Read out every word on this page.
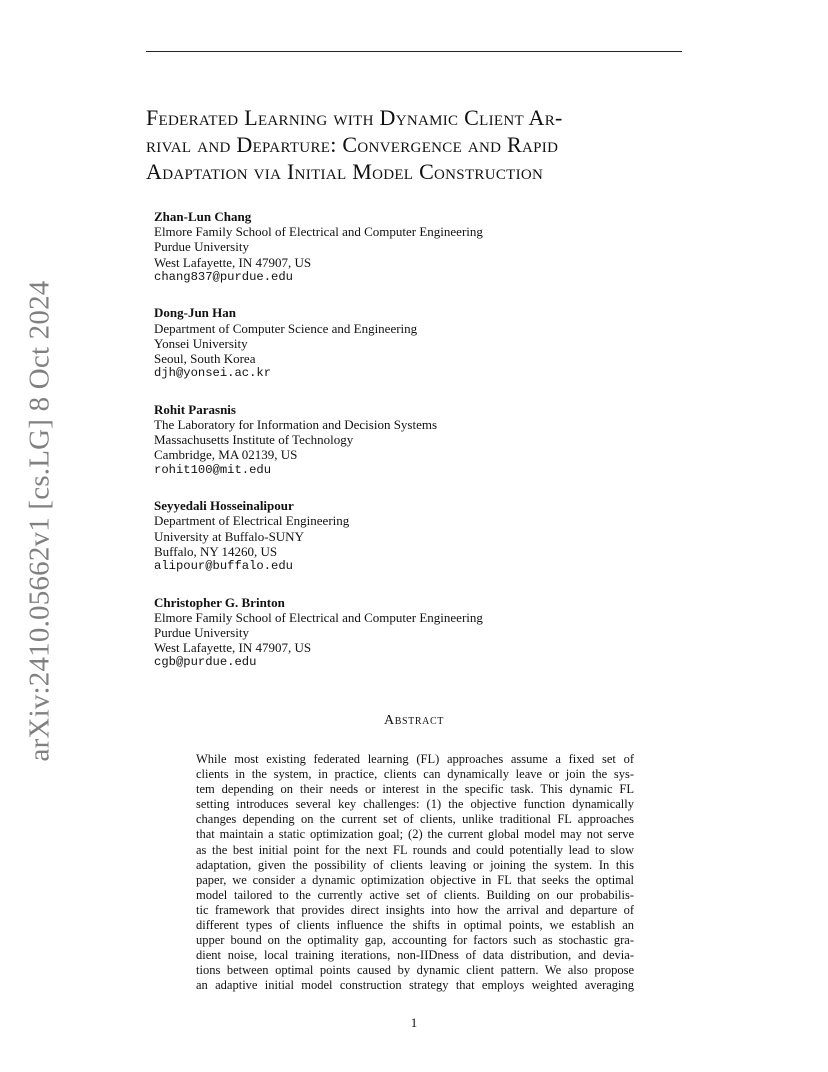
arXiv:2410.05662v1 [cs.LG] 8 Oct 2024
Federated Learning with Dynamic Client Ar-
rival and Departure: Convergence and Rapid
Adaptation via Initial Model Construction
Zhan-Lun Chang
Elmore Family School of Electrical and Computer Engineering
Purdue University
West Lafayette, IN 47907, US
chang837@purdue.edu
Dong-Jun Han
Department of Computer Science and Engineering
Yonsei University
Seoul, South Korea
djh@yonsei.ac.kr
Rohit Parasnis
The Laboratory for Information and Decision Systems
Massachusetts Institute of Technology
Cambridge, MA 02139, US
rohit100@mit.edu
Seyyedali Hosseinalipour
Department of Electrical Engineering
University at Buffalo-SUNY
Buffalo, NY 14260, US
alipour@buffalo.edu
Christopher G. Brinton
Elmore Family School of Electrical and Computer Engineering
Purdue University
West Lafayette, IN 47907, US
cgb@purdue.edu
Abstract

While most existing federated learning (FL) approaches assume a fixed set of
clients in the system, in practice, clients can dynamically leave or join the sys-
tem depending on their needs or interest in the specific task. This dynamic FL
setting introduces several key challenges: (1) the objective function dynamically
changes depending on the current set of clients, unlike traditional FL approaches
that maintain a static optimization goal; (2) the current global model may not serve
as the best initial point for the next FL rounds and could potentially lead to slow
adaptation, given the possibility of clients leaving or joining the system. In this
paper, we consider a dynamic optimization objective in FL that seeks the optimal
model tailored to the currently active set of clients. Building on our probabilis-
tic framework that provides direct insights into how the arrival and departure of
different types of clients influence the shifts in optimal points, we establish an
upper bound on the optimality gap, accounting for factors such as stochastic gra-
dient noise, local training iterations, non-IIDness of data distribution, and devia-
tions between optimal points caused by dynamic client pattern. We also propose
an adaptive initial model construction strategy that employs weighted averaging

1
